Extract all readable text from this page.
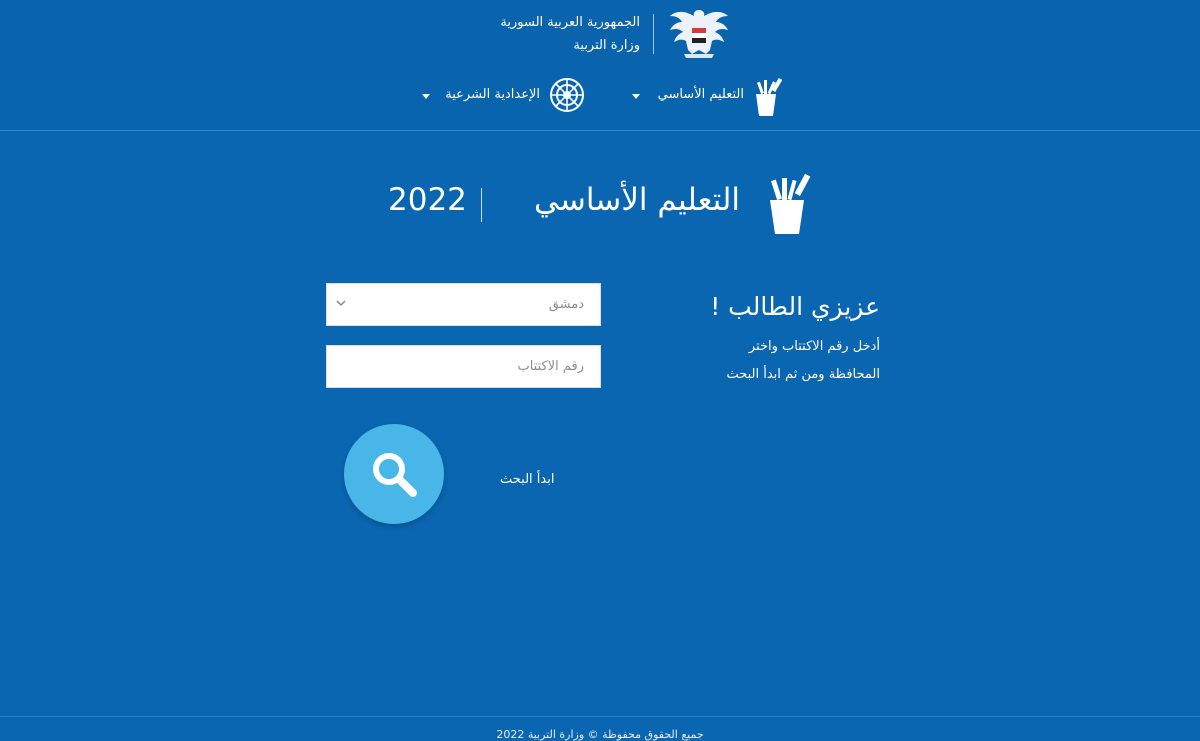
الجمهورية العربية السورية
وزارة التربية
التعليم الأساسي
الإعدادية الشرعية
التعليم الأساسي
2022
عزيزي الطالب !
أدخل رقم الاكتتاب واختر
المحافظة ومن ثم ابدأ البحث
دمشق
رقم الاكتتاب
ابدأ البحث
جميع الحقوق محفوظة © وزارة التربية 2022
